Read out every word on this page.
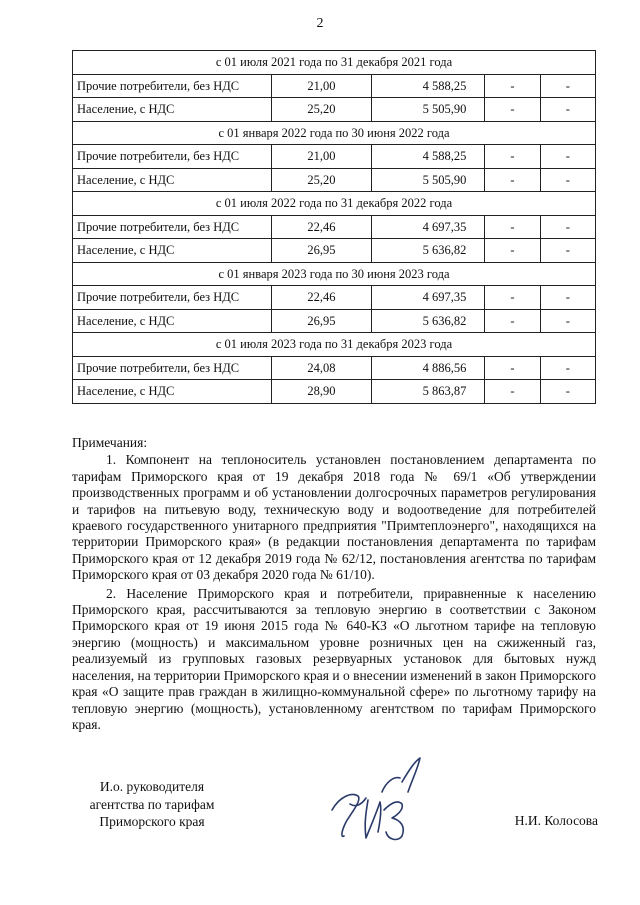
2
с 01 июля 2021 года по 31 декабря 2021 года				
Прочие потребители, без НДС	21,00	4 588,25	-	-
Население, с НДС	25,20	5 505,90	-	-
с 01 января 2022 года по 30 июня 2022 года				
Прочие потребители, без НДС	21,00	4 588,25	-	-
Население, с НДС	25,20	5 505,90	-	-
с 01 июля 2022 года по 31 декабря 2022 года				
Прочие потребители, без НДС	22,46	4 697,35	-	-
Население, с НДС	26,95	5 636,82	-	-
с 01 января 2023 года по 30 июня 2023 года				
Прочие потребители, без НДС	22,46	4 697,35	-	-
Население, с НДС	26,95	5 636,82	-	-
с 01 июля 2023 года по 31 декабря 2023 года				
Прочие потребители, без НДС	24,08	4 886,56	-	-
Население, с НДС	28,90	5 863,87	-	-
Примечания:

1. Компонент на теплоноситель установлен постановлением департамента по тарифам Приморского края от 19 декабря 2018 года № 69/1 «Об утверждении производственных программ и об установлении долгосрочных параметров регулирования и тарифов на питьевую воду, техническую воду и водоотведение для потребителей краевого государственного унитарного предприятия "Примтеплоэнерго", находящихся на территории Приморского края» (в редакции постановления департамента по тарифам Приморского края от 12 декабря 2019 года № 62/12, постановления агентства по тарифам Приморского края от 03 декабря 2020 года № 61/10).

2. Население Приморского края и потребители, приравненные к населению Приморского края, рассчитываются за тепловую энергию в соответствии с Законом Приморского края от 19 июня 2015 года № 640-КЗ «О льготном тарифе на тепловую энергию (мощность) и максимальном уровне розничных цен на сжиженный газ, реализуемый из групповых газовых резервуарных установок для бытовых нужд населения, на территории Приморского края и о внесении изменений в закон Приморского края «О защите прав граждан в жилищно-коммунальной сфере» по льготному тарифу на тепловую энергию (мощность), установленному агентством по тарифам Приморского края.

И.о. руководителя
агентства по тарифам
Приморского края	Н.И. Колосова
